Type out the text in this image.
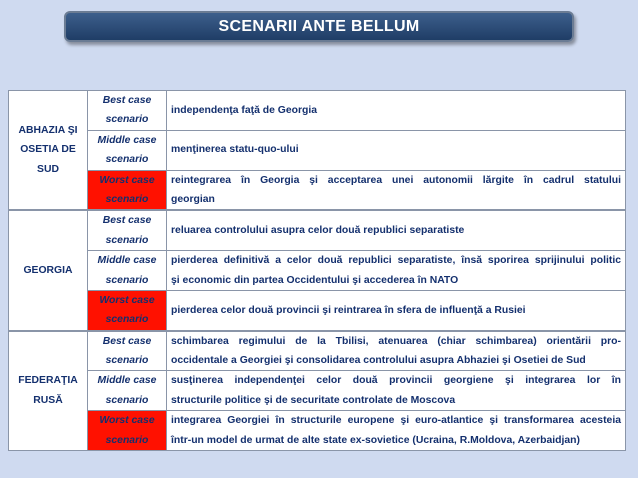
SCENARII ANTE BELLUM
ABHAZIA ŞI
OSETIA DE
SUD	Best case
scenario	independenţa faţă de Georgia

	Middle case
scenario	menţinerea statu-quo-ului

	Worst case
scenario	reintegrarea în Georgia şi acceptarea unei autonomii lărgite în cadrul statului
georgian

GEORGIA	Best case
scenario	reluarea controlului asupra celor două republici separatiste

	Middle case
scenario	pierderea definitivă a celor două republici separatiste, însă sporirea sprijinului politic
şi economic din partea Occidentului şi accederea în NATO

	Worst case
scenario	pierderea celor două provincii şi reintrarea în sfera de influenţă a Rusiei

FEDERAŢIA
RUSĂ	Best case
scenario	schimbarea regimului de la Tbilisi, atenuarea (chiar schimbarea) orientării pro-
occidentale a Georgiei şi consolidarea controlului asupra Abhaziei şi Osetiei de Sud

	Middle case
scenario	susţinerea independenţei celor două provincii georgiene şi integrarea lor în
structurile politice şi de securitate controlate de Moscova

	Worst case
scenario	integrarea Georgiei în structurile europene şi euro-atlantice şi transformarea acesteia
într-un model de urmat de alte state ex-sovietice (Ucraina, R.Moldova, Azerbaidjan)
